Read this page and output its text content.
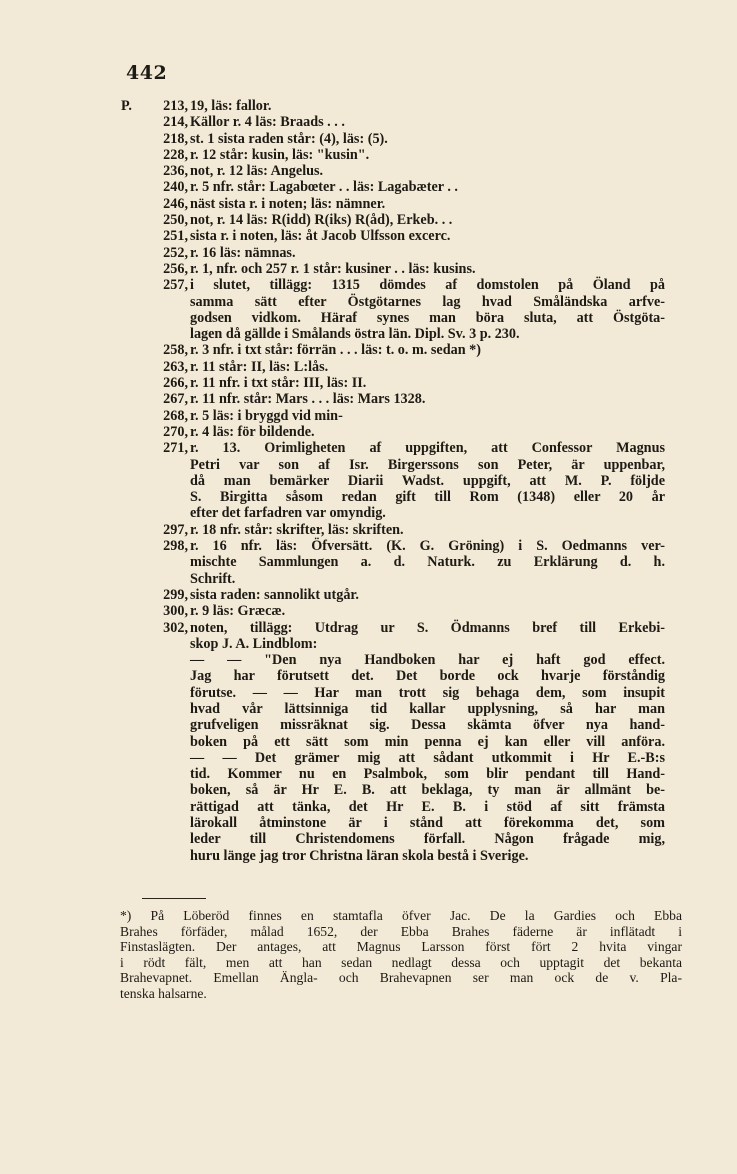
442
P. 213, 19, läs: fallor.
214, Källor r. 4 läs: Braads . . .
218, st. 1 sista raden står: (4), läs: (5).
228, r. 12 står: kusin, läs: "kusin".
236, not, r. 12 läs: Angelus.
240, r. 5 nfr. står: Lagabœter . . läs: Lagabæter . .
246, näst sista r. i noten; läs: nämner.
250, not, r. 14 läs: R(idd) R(iks) R(åd), Erkeb. . .
251, sista r. i noten, läs: åt Jacob Ulfsson excerc.
252, r. 16 läs: nämnas.
256, r. 1, nfr. och 257 r. 1 står: kusiner . . läs: kusins.
257, i slutet, tillägg: 1315 dömdes af domstolen på Öland på
samma sätt efter Östgötarnes lag hvad Småländska arfve-
godsen vidkom. Häraf synes man böra sluta, att Östgöta-
lagen då gällde i Smålands östra län. Dipl. Sv. 3 p. 230.
258, r. 3 nfr. i txt står: förrän . . . läs: t. o. m. sedan *)
263, r. 11 står: II, läs: L:lås.
266, r. 11 nfr. i txt står: III, läs: II.
267, r. 11 nfr. står: Mars . . . läs: Mars 1328.
268, r. 5 läs: i bryggd vid min-
270, r. 4 läs: för bildende.
271, r. 13. Orimligheten af uppgiften, att Confessor Magnus
Petri var son af Isr. Birgerssons son Peter, är uppenbar,
då man bemärker Diarii Wadst. uppgift, att M. P. följde
S. Birgitta såsom redan gift till Rom (1348) eller 20 år
efter det farfadren var omyndig.
297, r. 18 nfr. står: skrifter, läs: skriften.
298, r. 16 nfr. läs: Öfversätt. (K. G. Gröning) i S. Oedmanns ver-
mischte Sammlungen a. d. Naturk. zu Erklärung d. h.
Schrift.
299, sista raden: sannolikt utgår.
300, r. 9 läs: Græcæ.
302, noten, tillägg: Utdrag ur S. Ödmanns bref till Erkebi-
skop J. A. Lindblom:
— — "Den nya Handboken har ej haft god effect.
Jag har förutsett det. Det borde ock hvarje förståndig
förutse. — — Har man trott sig behaga dem, som insupit
hvad vår lättsinniga tid kallar upplysning, så har man
grufveligen missräknat sig. Dessa skämta öfver nya hand-
boken på ett sätt som min penna ej kan eller vill anföra.
— — Det grämer mig att sådant utkommit i Hr E.-B:s
tid. Kommer nu en Psalmbok, som blir pendant till Hand-
boken, så är Hr E. B. att beklaga, ty man är allmänt be-
rättigad att tänka, det Hr E. B. i stöd af sitt främsta
lärokall åtminstone är i stånd att förekomma det, som
leder till Christendomens förfall. Någon frågade mig,
huru länge jag tror Christna läran skola bestå i Sverige.
*) På Löberöd finnes en stamtafla öfver Jac. De la Gardies och Ebba
Brahes förfäder, målad 1652, der Ebba Brahes fäderne är inflätadt i
Finstaslägten. Der antages, att Magnus Larsson först fört 2 hvita vingar
i rödt fält, men att han sedan nedlagt dessa och upptagit det bekanta
Brahevapnet. Emellan Ängla- och Brahevapnen ser man ock de v. Pla-
tenska halsarne.
